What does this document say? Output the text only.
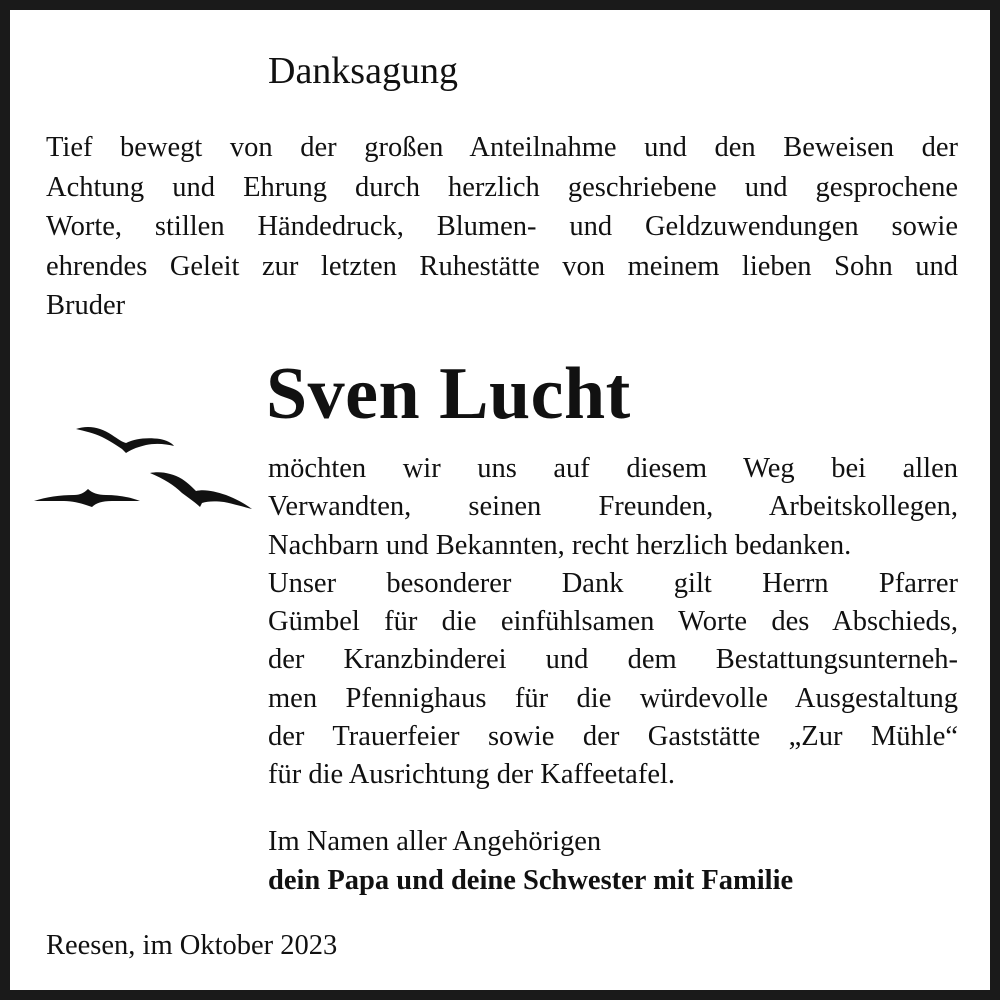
Danksagung
Tief bewegt von der großen Anteilnahme und den Beweisen der
Achtung und Ehrung durch herzlich geschriebene und gesprochene
Worte, stillen Händedruck, Blumen- und Geldzuwendungen sowie
ehrendes Geleit zur letzten Ruhestätte von meinem lieben Sohn und
Bruder
Sven Lucht
möchten wir uns auf diesem Weg bei allen
Verwandten, seinen Freunden, Arbeitskollegen,
Nachbarn und Bekannten, recht herzlich bedanken.
Unser besonderer Dank gilt Herrn Pfarrer
Gümbel für die einfühlsamen Worte des Abschieds,
der Kranzbinderei und dem Bestattungsunterneh-
men Pfennighaus für die würdevolle Ausgestaltung
der Trauerfeier sowie der Gaststätte „Zur Mühle“
für die Ausrichtung der Kaffeetafel.
Im Namen aller Angehörigen
dein Papa und deine Schwester mit Familie
Reesen, im Oktober 2023
